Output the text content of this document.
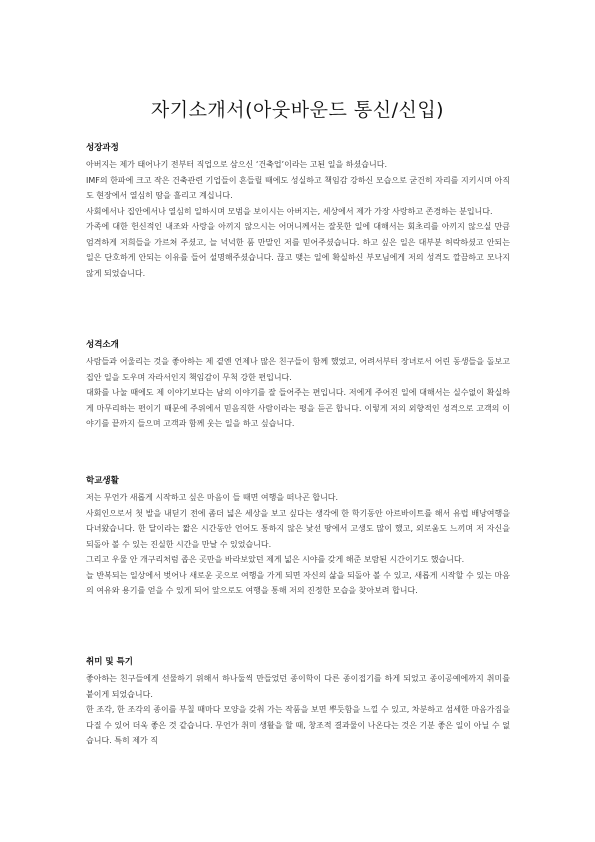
자기소개서(아웃바운드 통신/신입)
성장과정

아버지는 제가 태어나기 전부터 직업으로 삼으신 ‘건축업’이라는 고된 일을 하셨습니다.

IMF의 한파에 크고 작은 건축관련 기업들이 흔들릴 때에도 성실하고 책임감 강하신 모습으로 굳건히 자리를 지키시며 아직도 현장에서 열심히 땀을 흘리고 계십니다.

사회에서나 집안에서나 열심히 일하시며 모범을 보이시는 아버지는, 세상에서 제가 가장 사랑하고 존경하는 분입니다.

가족에 대한 헌신적인 내조와 사랑을 아끼지 않으시는 어머니께서는 잘못한 일에 대해서는 회초리를 아끼지 않으실 만큼 엄격하게 저희들을 가르쳐 주셨고, 늘 넉넉한 품 만말인 저를 믿어주셨습니다. 하고 싶은 일은 대부분 허락하셨고 안되는 일은 단호하게 안되는 이유를 들어 설명해주셨습니다. 끊고 맺는 일에 확실하신 부모님에게 저의 성격도 깔끔하고 모나지 않게 되었습니다.

성격소개

사람들과 어울리는 것을 좋아하는 제 곁엔 언제나 많은 친구들이 함께 했었고, 어려서부터 장녀로서 어린 동생들을 돌보고 집안 일을 도우며 자라서인지 책임감이 무척 강한 편입니다.

대화를 나눌 때에도 제 이야기보다는 남의 이야기를 잘 들어주는 편입니다. 저에게 주어진 일에 대해서는 실수없이 확실하게 마무리하는 편이기 때문에 주위에서 믿음직한 사람이라는 평을 듣곤 합니다. 이렇게 저의 외향적인 성격으로 고객의 이야기를 끝까지 들으며 고객과 함께 웃는 일을 하고 싶습니다.

학교생활

저는 무언가 새롭게 시작하고 싶은 마음이 들 때면 여행을 떠나곤 합니다.

사회인으로서 첫 발을 내딛기 전에 좀더 넓은 세상을 보고 싶다는 생각에 한 학기동안 아르바이트를 해서 유럽 배낭여행을 다녀왔습니다. 한 달이라는 짧은 시간동안 언어도 통하지 않은 낯선 땅에서 고생도 많이 했고, 외로움도 느끼며 저 자신을 되돌아 볼 수 있는 진실한 시간을 만날 수 있었습니다.

그리고 우물 안 개구리처럼 좁은 곳만을 바라보았던 제게 넓은 시야를 갖게 해준 보람된 시간이기도 했습니다.

늘 반복되는 일상에서 벗어나 새로운 곳으로 여행을 가게 되면 자신의 삶을 되돌아 볼 수 있고, 새롭게 시작할 수 있는 마음의 여유와 용기를 얻을 수 있게 되어 앞으로도 여행을 통해 저의 진정한 모습을 찾아보려 합니다.

취미 및 특기

좋아하는 친구들에게 선물하기 위해서 하나둘씩 만들었던 종이학이 다른 종이접기를 하게 되었고 종이공예에까지 취미를 붙이게 되었습니다.

한 조각, 한 조각의 종이를 부칠 때마다 모양을 갖춰 가는 작품을 보면 뿌듯함을 느낄 수 있고, 차분하고 섬세한 마음가짐을 다질 수 있어 더욱 좋은 것 같습니다. 무언가 취미 생활을 할 때, 창조적 결과물이 나온다는 것은 기분 좋은 일이 아닐 수 없습니다. 특히 제가 직
